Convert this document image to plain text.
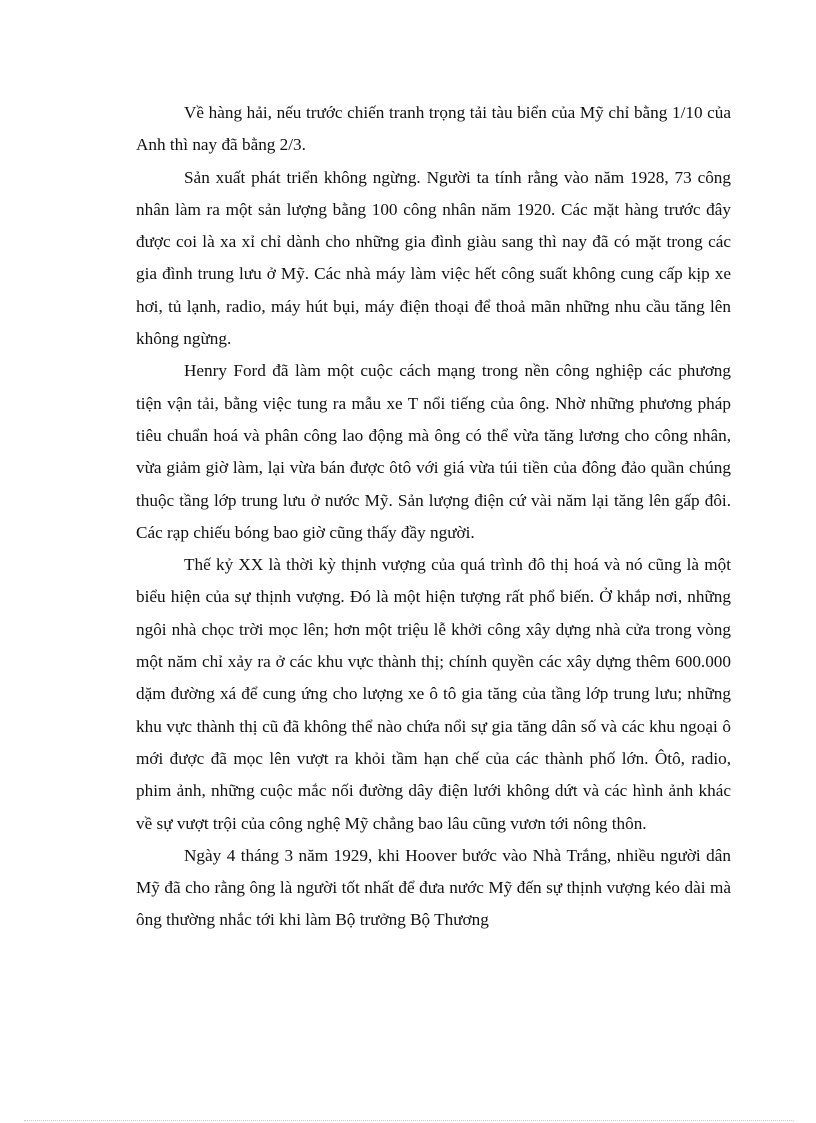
Về hàng hải, nếu trước chiến tranh trọng tải tàu biển của Mỹ chỉ bằng 1/10 của Anh thì nay đã bằng 2/3.

Sản xuất phát triển không ngừng. Người ta tính rằng vào năm 1928, 73 công nhân làm ra một sản lượng bằng 100 công nhân năm 1920. Các mặt hàng trước đây được coi là xa xỉ chỉ dành cho những gia đình giàu sang thì nay đã có mặt trong các gia đình trung lưu ở Mỹ. Các nhà máy làm việc hết công suất không cung cấp kịp xe hơi, tủ lạnh, radio, máy hút bụi, máy điện thoại để thoả mãn những nhu cầu tăng lên không ngừng.

Henry Ford đã làm một cuộc cách mạng trong nền công nghiệp các phương tiện vận tải, bằng việc tung ra mẫu xe T nổi tiếng của ông. Nhờ những phương pháp tiêu chuẩn hoá và phân công lao động mà ông có thể vừa tăng lương cho công nhân, vừa giảm giờ làm, lại vừa bán được ôtô với giá vừa túi tiền của đông đảo quần chúng thuộc tầng lớp trung lưu ở nước Mỹ. Sản lượng điện cứ vài năm lại tăng lên gấp đôi. Các rạp chiếu bóng bao giờ cũng thấy đầy người.

Thế kỷ XX là thời kỳ thịnh vượng của quá trình đô thị hoá và nó cũng là một biểu hiện của sự thịnh vượng. Đó là một hiện tượng rất phổ biến. Ở khắp nơi, những ngôi nhà chọc trời mọc lên; hơn một triệu lễ khởi công xây dựng nhà cửa trong vòng một năm chỉ xảy ra ở các khu vực thành thị; chính quyền các xây dựng thêm 600.000 dặm đường xá để cung ứng cho lượng xe ô tô gia tăng của tầng lớp trung lưu; những khu vực thành thị cũ đã không thể nào chứa nổi sự gia tăng dân số và các khu ngoại ô mới được đã mọc lên vượt ra khỏi tầm hạn chế của các thành phố lớn. Ôtô, radio, phim ảnh, những cuộc mắc nối đường dây điện lưới không dứt và các hình ảnh khác về sự vượt trội của công nghệ Mỹ chẳng bao lâu cũng vươn tới nông thôn.

Ngày 4 tháng 3 năm 1929, khi Hoover bước vào Nhà Trắng, nhiều người dân Mỹ đã cho rằng ông là người tốt nhất để đưa nước Mỹ đến sự thịnh vượng kéo dài mà ông thường nhắc tới khi làm Bộ trưởng Bộ Thương
